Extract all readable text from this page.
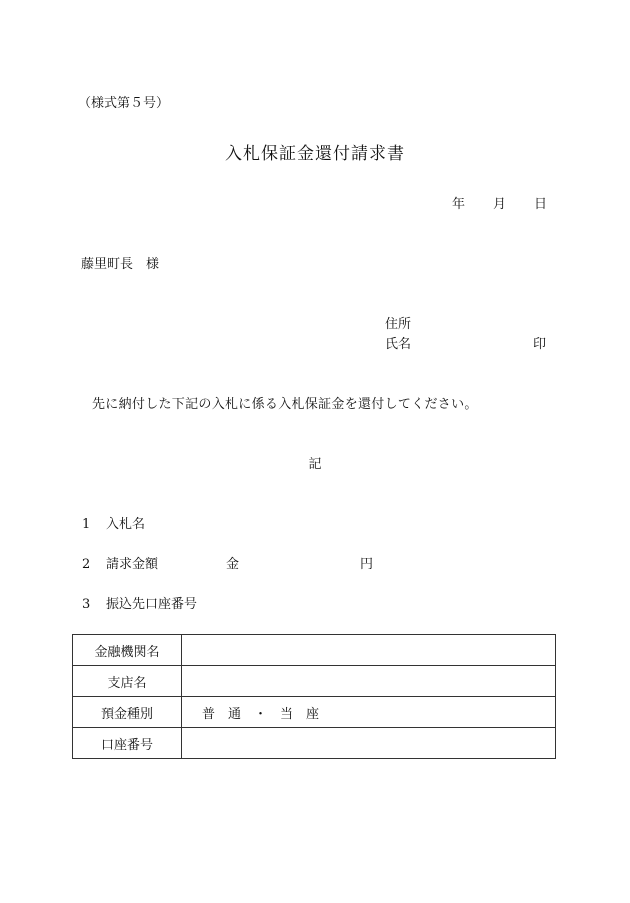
（様式第５号）
入札保証金還付請求書
年 月 日
藤里町長　様
住所
氏名	印
先に納付した下記の入札に係る入札保証金を還付してください。
記
1 入札名
2 請求金額	金	円
3 振込先口座番号
金融機関名	
支店名	
預金種別	普　通　・　当　座
口座番号	
